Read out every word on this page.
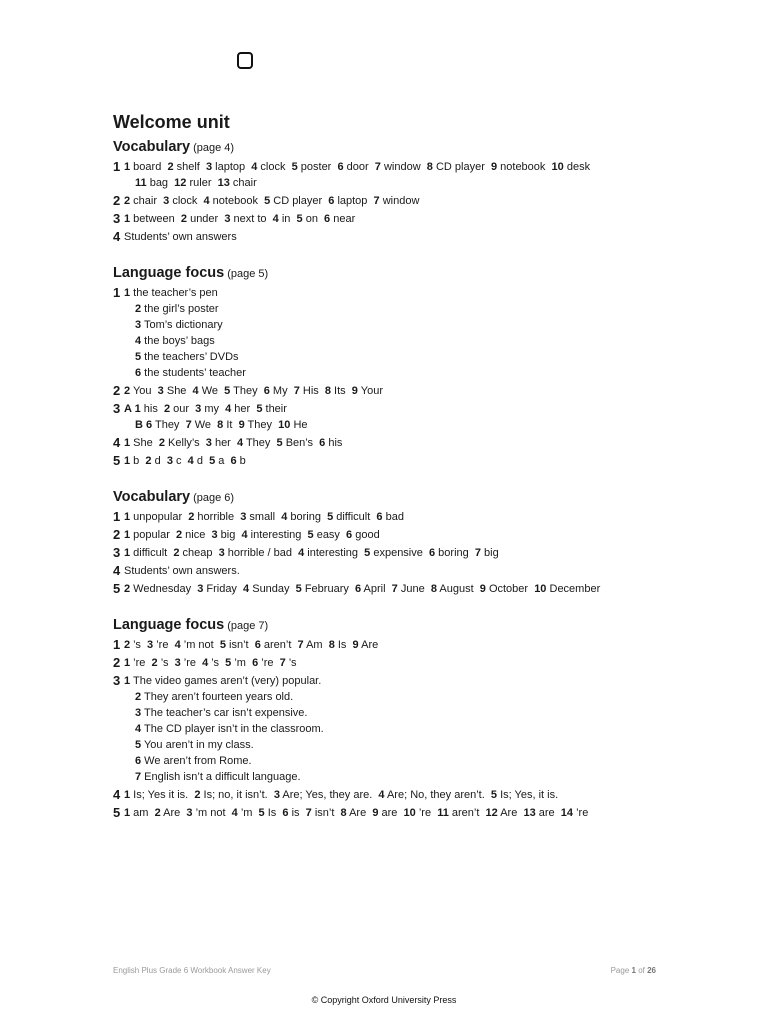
Welcome unit
Vocabulary (page 4)
1 1 board  2 shelf  3 laptop  4 clock  5 poster  6 door  7 window  8 CD player  9 notebook  10 desk
11 bag  12 ruler  13 chair
2 2 chair  3 clock  4 notebook  5 CD player  6 laptop  7 window
3 1 between  2 under  3 next to  4 in  5 on  6 near
4 Students’ own answers
Language focus (page 5)
1 1 the teacher’s pen
2 the girl’s poster
3 Tom’s dictionary
4 the boys’ bags
5 the teachers’ DVDs
6 the students’ teacher
2 2 You  3 She  4 We  5 They  6 My  7 His  8 Its  9 Your
3 A 1 his  2 our  3 my  4 her  5 their
B 6 They  7 We  8 It  9 They  10 He
4 1 She  2 Kelly’s  3 her  4 They  5 Ben’s  6 his
5 1 b  2 d  3 c  4 d  5 a  6 b
Vocabulary (page 6)
1 1 unpopular  2 horrible  3 small  4 boring  5 difficult  6 bad
2 1 popular  2 nice  3 big  4 interesting  5 easy  6 good
3 1 difficult  2 cheap  3 horrible / bad  4 interesting  5 expensive  6 boring  7 big
4 Students’ own answers.
5 2 Wednesday  3 Friday  4 Sunday  5 February  6 April  7 June  8 August  9 October  10 December
Language focus (page 7)
1 2 ’s  3 ’re  4 ’m not  5 isn’t  6 aren’t  7 Am  8 Is  9 Are
2 1 ’re  2 ’s  3 ’re  4 ’s  5 ’m  6 ’re  7 ’s
3 1 The video games aren’t (very) popular.
2 They aren’t fourteen years old.
3 The teacher’s car isn’t expensive.
4 The CD player isn’t in the classroom.
5 You aren’t in my class.
6 We aren’t from Rome.
7 English isn’t a difficult language.
4 1 Is; Yes it is.  2 Is; no, it isn’t.  3 Are; Yes, they are.  4 Are; No, they aren’t.  5 Is; Yes, it is.
5 1 am  2 Are  3 ’m not  4 ’m  5 Is  6 is  7 isn’t  8 Are  9 are  10 ’re  11 aren’t  12 Are  13 are  14 ’re
English Plus Grade 6 Workbook Answer Key	Page 1 of 26
© Copyright Oxford University Press
